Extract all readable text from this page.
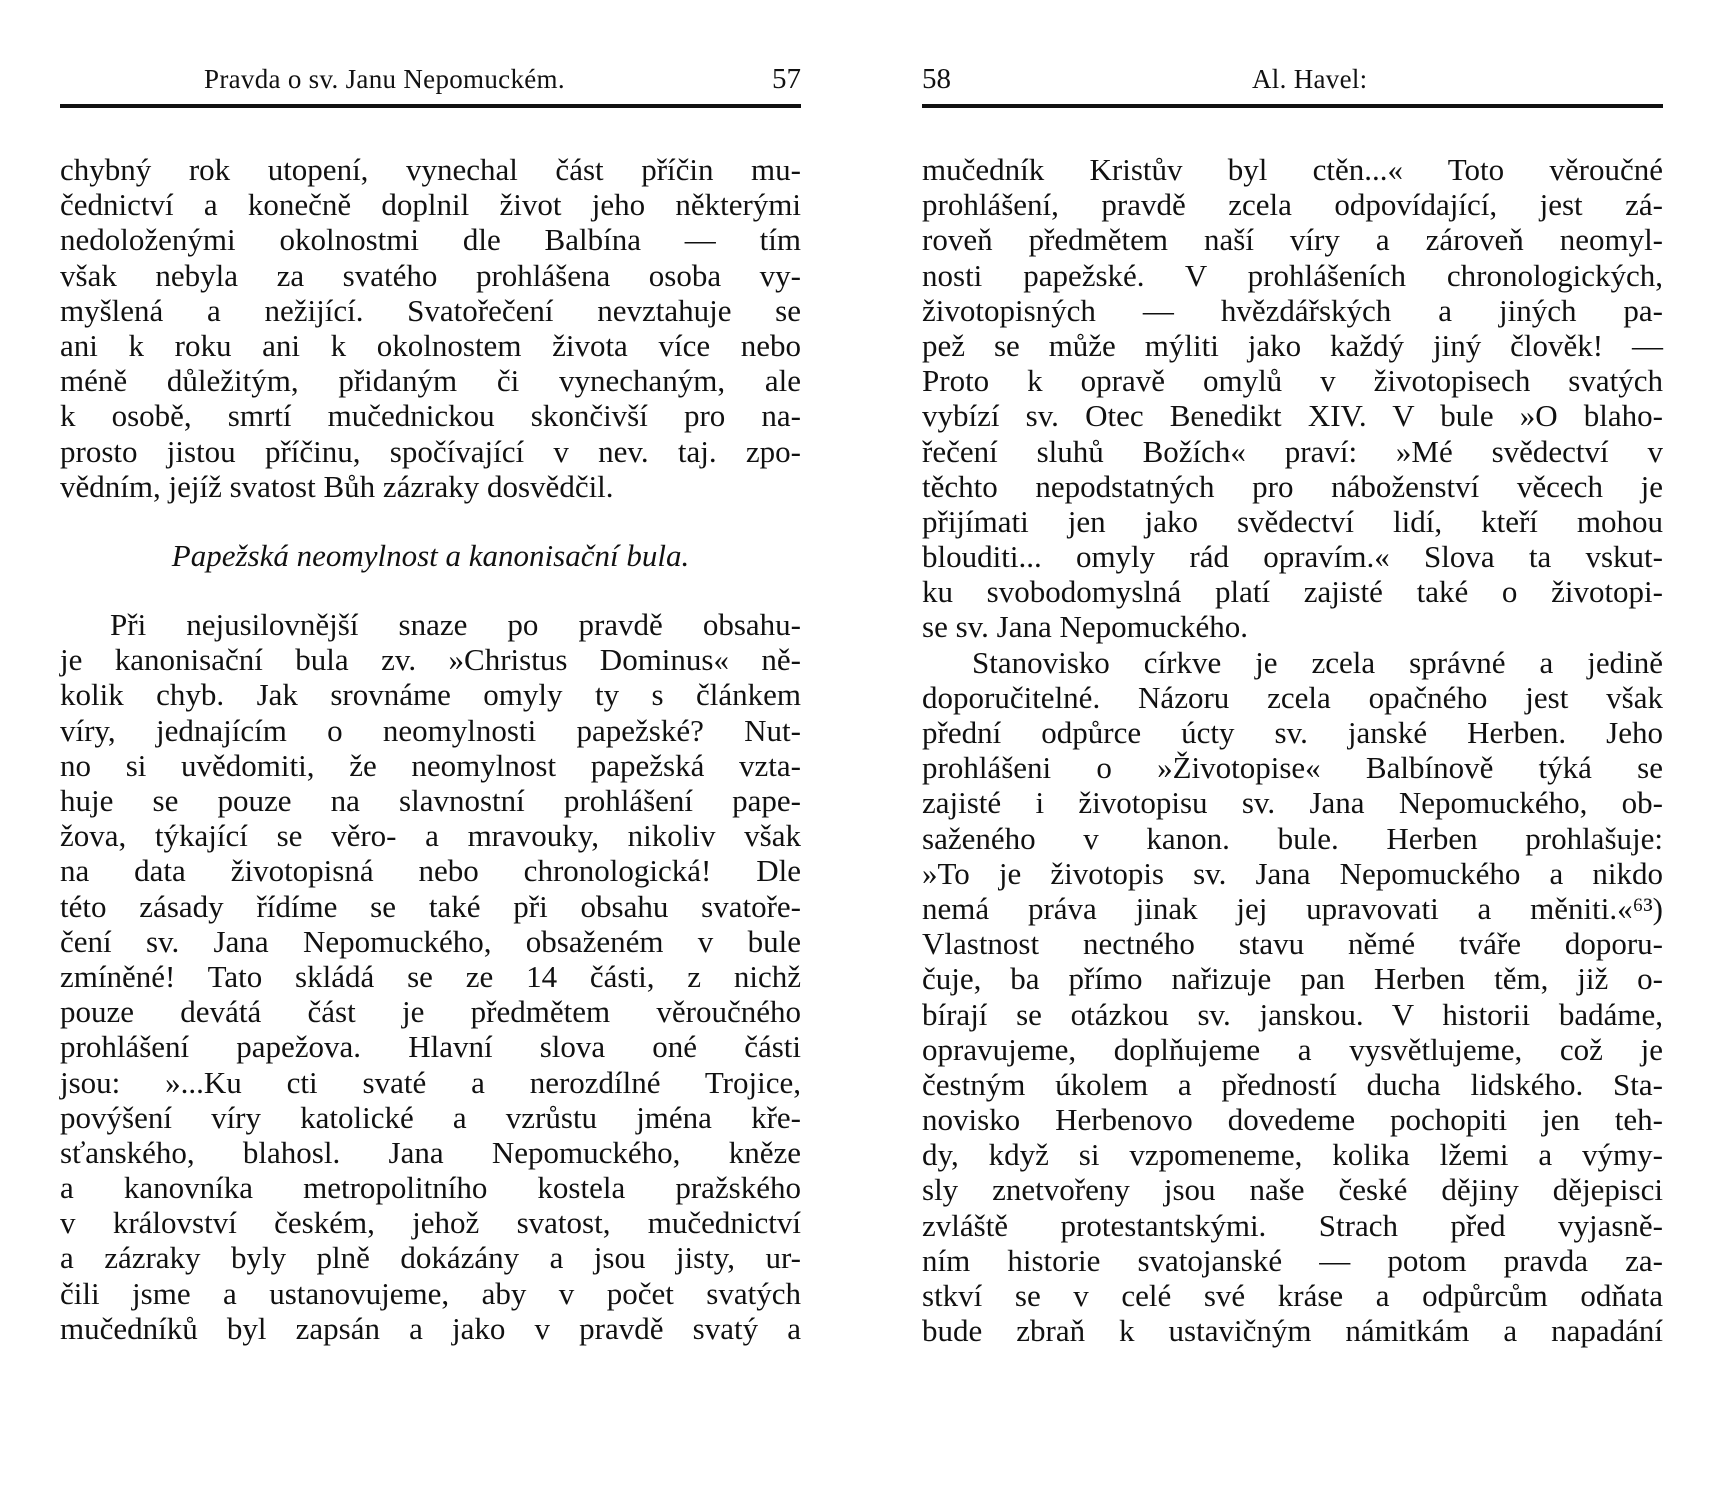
Pravda o sv. Janu Nepomuckém.	57
chybný rok utopení, vynechal část příčin mu-
čednictví a konečně doplnil život jeho některými
nedoloženými okolnostmi dle Balbína — tím
však nebyla za svatého prohlášena osoba vy-
myšlená a nežijící. Svatořečení nevztahuje se
ani k roku ani k okolnostem života více nebo
méně důležitým, přidaným či vynechaným, ale
k osobě, smrtí mučednickou skončivší pro na-
prosto jistou příčinu, spočívající v nev. taj. zpo-
vědním, jejíž svatost Bůh zázraky dosvědčil.
Papežská neomylnost a kanonisační bula.
Při nejusilovnější snaze po pravdě obsahu-
je kanonisační bula zv. »Christus Dominus« ně-
kolik chyb. Jak srovnáme omyly ty s článkem
víry, jednajícím o neomylnosti papežské? Nut-
no si uvědomiti, že neomylnost papežská vzta-
huje se pouze na slavnostní prohlášení pape-
žova, týkající se věro- a mravouky, nikoliv však
na data životopisná nebo chronologická! Dle
této zásady řídíme se také při obsahu svatoře-
čení sv. Jana Nepomuckého, obsaženém v bule
zmíněné! Tato skládá se ze 14 části, z nichž
pouze devátá část je předmětem věroučného
prohlášení papežova. Hlavní slova oné části
jsou: »...Ku cti svaté a nerozdílné Trojice,
povýšení víry katolické a vzrůstu jména kře-
sťanského, blahosl. Jana Nepomuckého, kněze
a kanovníka metropolitního kostela pražského
v království českém, jehož svatost, mučednictví
a zázraky byly plně dokázány a jsou jisty, ur-
čili jsme a ustanovujeme, aby v počet svatých
mučedníků byl zapsán a jako v pravdě svatý a
58	Al. Havel:
mučedník Kristův byl ctěn...« Toto věroučné
prohlášení, pravdě zcela odpovídající, jest zá-
roveň předmětem naší víry a zároveň neomyl-
nosti papežské. V prohlášeních chronologických,
životopisných — hvězdářských a jiných pa-
pež se může mýliti jako každý jiný člověk! —
Proto k opravě omylů v životopisech svatých
vybízí sv. Otec Benedikt XIV. V bule »O blaho-
řečení sluhů Božích« praví: »Mé svědectví v
těchto nepodstatných pro náboženství věcech je
přijímati jen jako svědectví lidí, kteří mohou
blouditi... omyly rád opravím.« Slova ta vskut-
ku svobodomyslná platí zajisté také o životopi-
se sv. Jana Nepomuckého.
Stanovisko církve je zcela správné a jedině
doporučitelné. Názoru zcela opačného jest však
přední odpůrce úcty sv. janské Herben. Jeho
prohlášeni o »Životopise« Balbínově týká se
zajisté i životopisu sv. Jana Nepomuckého, ob-
saženého v kanon. bule. Herben prohlašuje:
»To je životopis sv. Jana Nepomuckého a nikdo
nemá práva jinak jej upravovati a měniti.«⁶³)
Vlastnost nectného stavu němé tváře doporu-
čuje, ba přímo nařizuje pan Herben těm, již o-
bírají se otázkou sv. janskou. V historii badáme,
opravujeme, doplňujeme a vysvětlujeme, což je
čestným úkolem a předností ducha lidského. Sta-
novisko Herbenovo dovedeme pochopiti jen teh-
dy, když si vzpomeneme, kolika lžemi a výmy-
sly znetvořeny jsou naše české dějiny dějepisci
zvláště protestantskými. Strach před vyjasně-
ním historie svatojanské — potom pravda za-
stkví se v celé své kráse a odpůrcům odňata
bude zbraň k ustavičným námitkám a napadání
